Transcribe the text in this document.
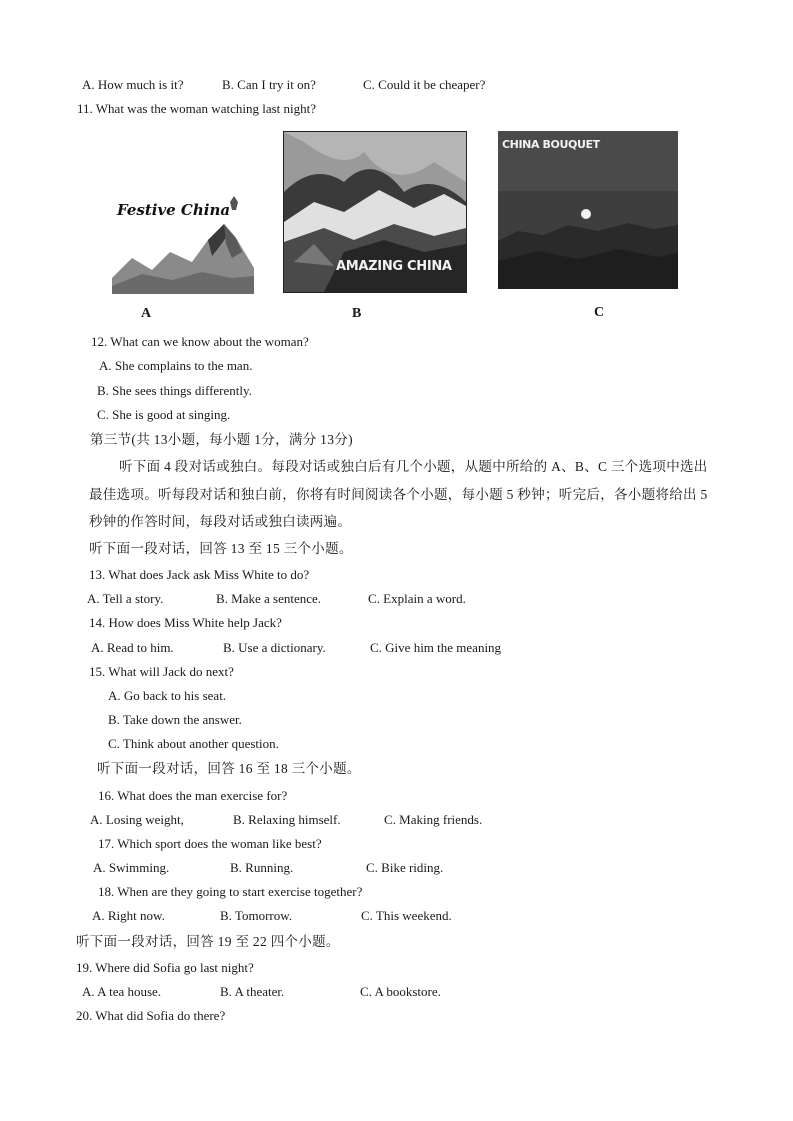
A. How much is it?	B. Can I try it on?	C. Could it be cheaper?
11. What was the woman watching last night?
Festive China
AMAZING CHINA
CHINA BOUQUET
A	B	C
12. What can we know about the woman?
A. She complains to the man.
B. She sees things differently.
C. She is good at singing.
第三节(共 13小题，每小题 1分，满分 13分)
听下面 4 段对话或独白。每段对话或独白后有几个小题，从题中所给的 A、B、C 三个选项中选出
最佳选项。听每段对话和独白前，你将有时间阅读各个小题，每小题 5 秒钟；听完后，各小题将给出 5
秒钟的作答时间，每段对话或独白读两遍。
听下面一段对话，回答 13 至 15 三个小题。
13. What does Jack ask Miss White to do?
A. Tell a story.	B. Make a sentence.	C. Explain a word.
14. How does Miss White help Jack?
A. Read to him.	B. Use a dictionary.	C. Give him the meaning
15. What will Jack do next?
A. Go back to his seat.
B. Take down the answer.
C. Think about another question.
听下面一段对话，回答 16 至 18 三个小题。
16. What does the man exercise for?
A. Losing weight,	B. Relaxing himself.	C. Making friends.
17. Which sport does the woman like best?
A. Swimming.	B. Running.	C. Bike riding.
18. When are they going to start exercise together?
A. Right now.	B. Tomorrow.	C. This weekend.
听下面一段对话，回答 19 至 22 四个小题。
19. Where did Sofia go last night?
A. A tea house.	B. A theater.	C. A bookstore.
20. What did Sofia do there?
